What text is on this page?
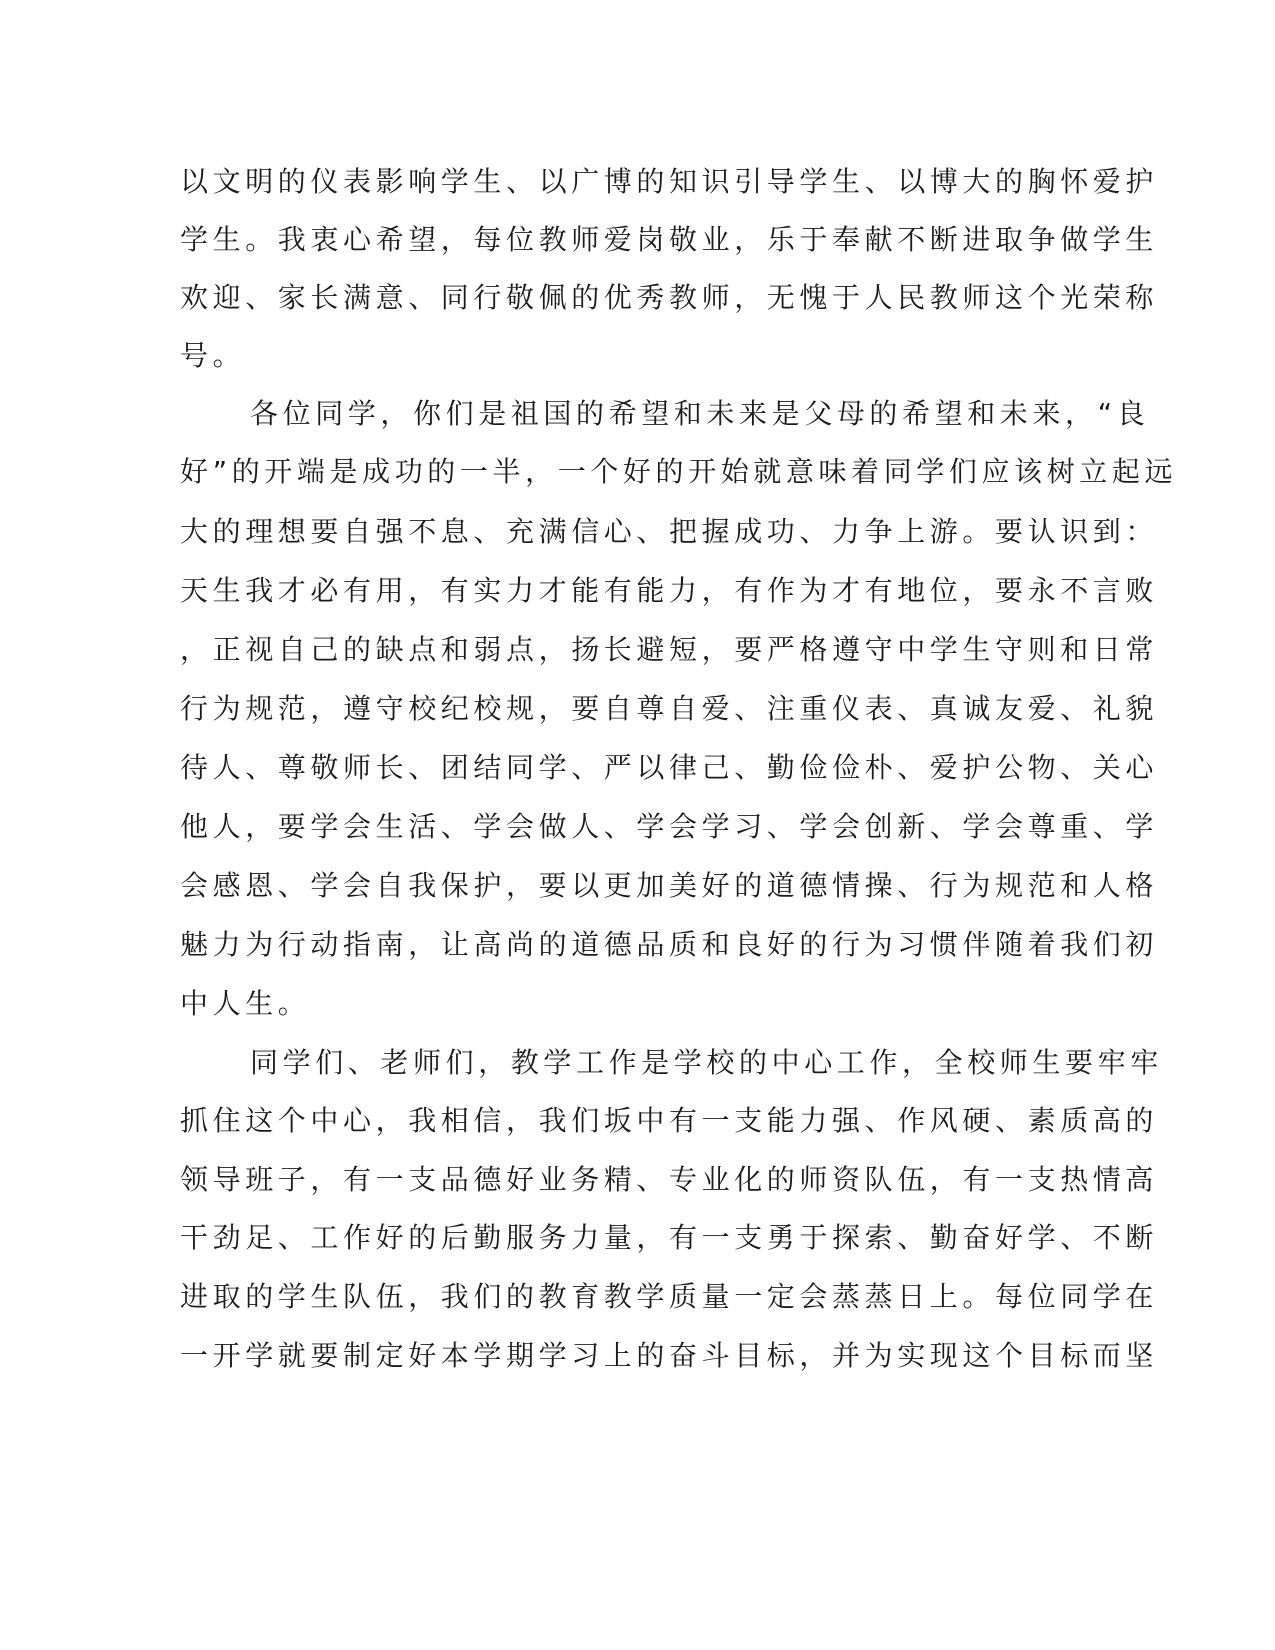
以文明的仪表影响学生、以广博的知识引导学生、以博大的胸怀爱护
学生。我衷心希望，每位教师爱岗敬业，乐于奉献不断进取争做学生
欢迎、家长满意、同行敬佩的优秀教师，无愧于人民教师这个光荣称
号。
各位同学，你们是祖国的希望和未来是父母的希望和未来，“良
好”的开端是成功的一半，一个好的开始就意味着同学们应该树立起远
大的理想要自强不息、充满信心、把握成功、力争上游。要认识到：
天生我才必有用，有实力才能有能力，有作为才有地位，要永不言败
，正视自己的缺点和弱点，扬长避短，要严格遵守中学生守则和日常
行为规范，遵守校纪校规，要自尊自爱、注重仪表、真诚友爱、礼貌
待人、尊敬师长、团结同学、严以律己、勤俭俭朴、爱护公物、关心
他人，要学会生活、学会做人、学会学习、学会创新、学会尊重、学
会感恩、学会自我保护，要以更加美好的道德情操、行为规范和人格
魅力为行动指南，让高尚的道德品质和良好的行为习惯伴随着我们初
中人生。
同学们、老师们，教学工作是学校的中心工作，全校师生要牢牢
抓住这个中心，我相信，我们坂中有一支能力强、作风硬、素质高的
领导班子，有一支品德好业务精、专业化的师资队伍，有一支热情高
干劲足、工作好的后勤服务力量，有一支勇于探索、勤奋好学、不断
进取的学生队伍，我们的教育教学质量一定会蒸蒸日上。每位同学在
一开学就要制定好本学期学习上的奋斗目标，并为实现这个目标而坚
